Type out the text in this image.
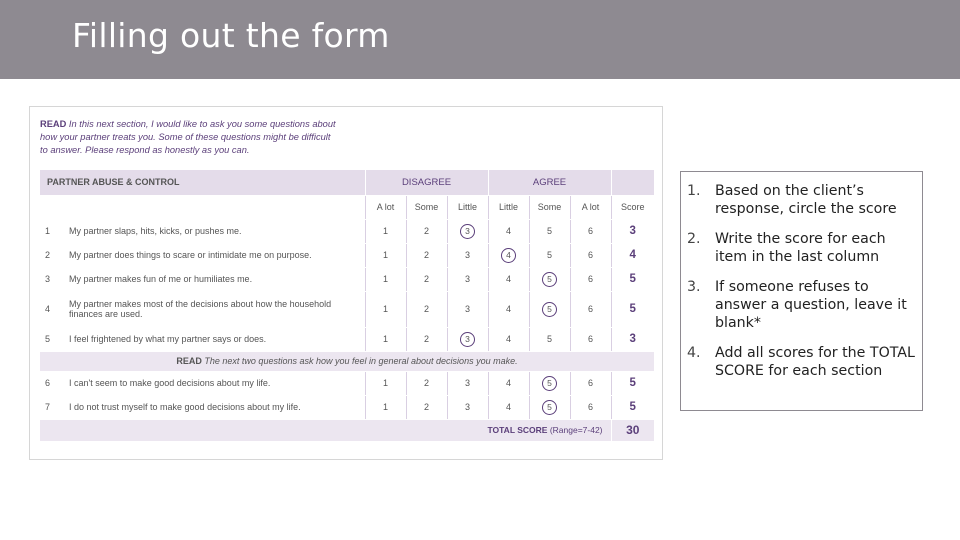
Filling out the form

READ In this next section, I would like to ask you some questions about how your partner treats you. Some of these questions might be difficult to answer. Please respond as honestly as you can.

PARTNER ABUSE & CONTROL		DISAGREE			AGREE			
		A lot	Some	Little	Little	Some	A lot	Score
1	My partner slaps, hits, kicks, or pushes me.	1	2	3	4	5	6	3
2	My partner does things to scare or intimidate me on purpose.	1	2	3	4	5	6	4
3	My partner makes fun of me or humiliates me.	1	2	3	4	5	6	5
4	My partner makes most of the decisions about how the household finances are used.	1	2	3	4	5	6	5
5	I feel frightened by what my partner says or does.	1	2	3	4	5	6	3
READ The next two questions ask how you feel in general about decisions you make.								
6	I can't seem to make good decisions about my life.	1	2	3	4	5	6	5
7	I do not trust myself to make good decisions about my life.	1	2	3	4	5	6	5
TOTAL SCORE (Range=7-42)								30
1.	Based on the client’s response, circle the score
2.	Write the score for each item in the last column
3.	If someone refuses to answer a question, leave it blank*
4.	Add all scores for the TOTAL SCORE for each section
